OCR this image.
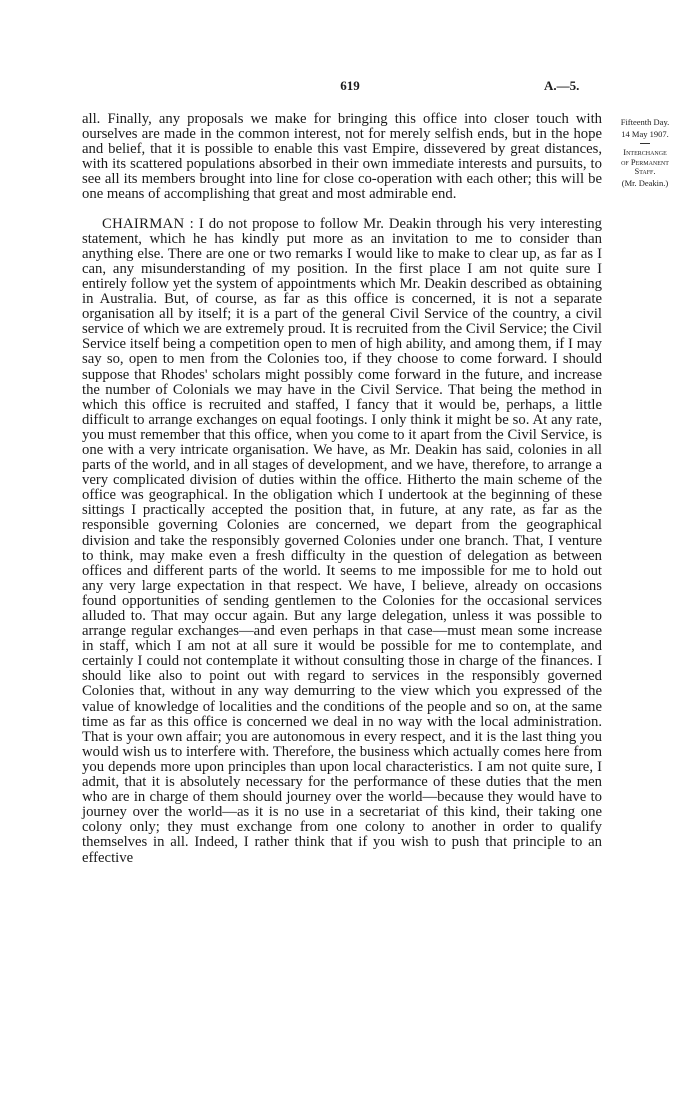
619	A.—5.
Fifteenth Day.
14 May 1907.
Interchange
of Permanent
Staff.
(Mr. Deakin.)

all. Finally, any proposals we make for bringing this office into closer touch with ourselves are made in the common interest, not for merely selfish ends, but in the hope and belief, that it is possible to enable this vast Empire, dissevered by great distances, with its scattered populations absorbed in their own immediate interests and pursuits, to see all its members brought into line for close co-operation with each other; this will be one means of accomplishing that great and most admirable end.

CHAIRMAN : I do not propose to follow Mr. Deakin through his very interesting statement, which he has kindly put more as an invitation to me to consider than anything else. There are one or two remarks I would like to make to clear up, as far as I can, any misunderstanding of my position. In the first place I am not quite sure I entirely follow yet the system of appointments which Mr. Deakin described as obtaining in Australia. But, of course, as far as this office is concerned, it is not a separate organisation all by itself; it is a part of the general Civil Service of the country, a civil service of which we are extremely proud. It is recruited from the Civil Service; the Civil Service itself being a competition open to men of high ability, and among them, if I may say so, open to men from the Colonies too, if they choose to come forward. I should suppose that Rhodes' scholars might possibly come forward in the future, and increase the number of Colonials we may have in the Civil Service. That being the method in which this office is recruited and staffed, I fancy that it would be, perhaps, a little difficult to arrange exchanges on equal footings. I only think it might be so. At any rate, you must remember that this office, when you come to it apart from the Civil Service, is one with a very intricate organisation. We have, as Mr. Deakin has said, colonies in all parts of the world, and in all stages of development, and we have, therefore, to arrange a very complicated division of duties within the office. Hitherto the main scheme of the office was geographical. In the obligation which I undertook at the beginning of these sittings I practically accepted the position that, in future, at any rate, as far as the responsible governing Colonies are concerned, we depart from the geographical division and take the responsibly governed Colonies under one branch. That, I venture to think, may make even a fresh difficulty in the question of delegation as between offices and different parts of the world. It seems to me impossible for me to hold out any very large expectation in that respect. We have, I believe, already on occasions found opportunities of sending gentlemen to the Colonies for the occasional services alluded to. That may occur again. But any large delegation, unless it was possible to arrange regular exchanges—and even perhaps in that case—must mean some increase in staff, which I am not at all sure it would be possible for me to contemplate, and certainly I could not contemplate it without consulting those in charge of the finances. I should like also to point out with regard to services in the responsibly governed Colonies that, without in any way demurring to the view which you expressed of the value of knowledge of localities and the conditions of the people and so on, at the same time as far as this office is concerned we deal in no way with the local administration. That is your own affair; you are autonomous in every respect, and it is the last thing you would wish us to interfere with. Therefore, the business which actually comes here from you depends more upon principles than upon local characteristics. I am not quite sure, I admit, that it is absolutely necessary for the performance of these duties that the men who are in charge of them should journey over the world—because they would have to journey over the world—as it is no use in a secretariat of this kind, their taking one colony only; they must exchange from one colony to another in order to qualify themselves in all. Indeed, I rather think that if you wish to push that principle to an effective
